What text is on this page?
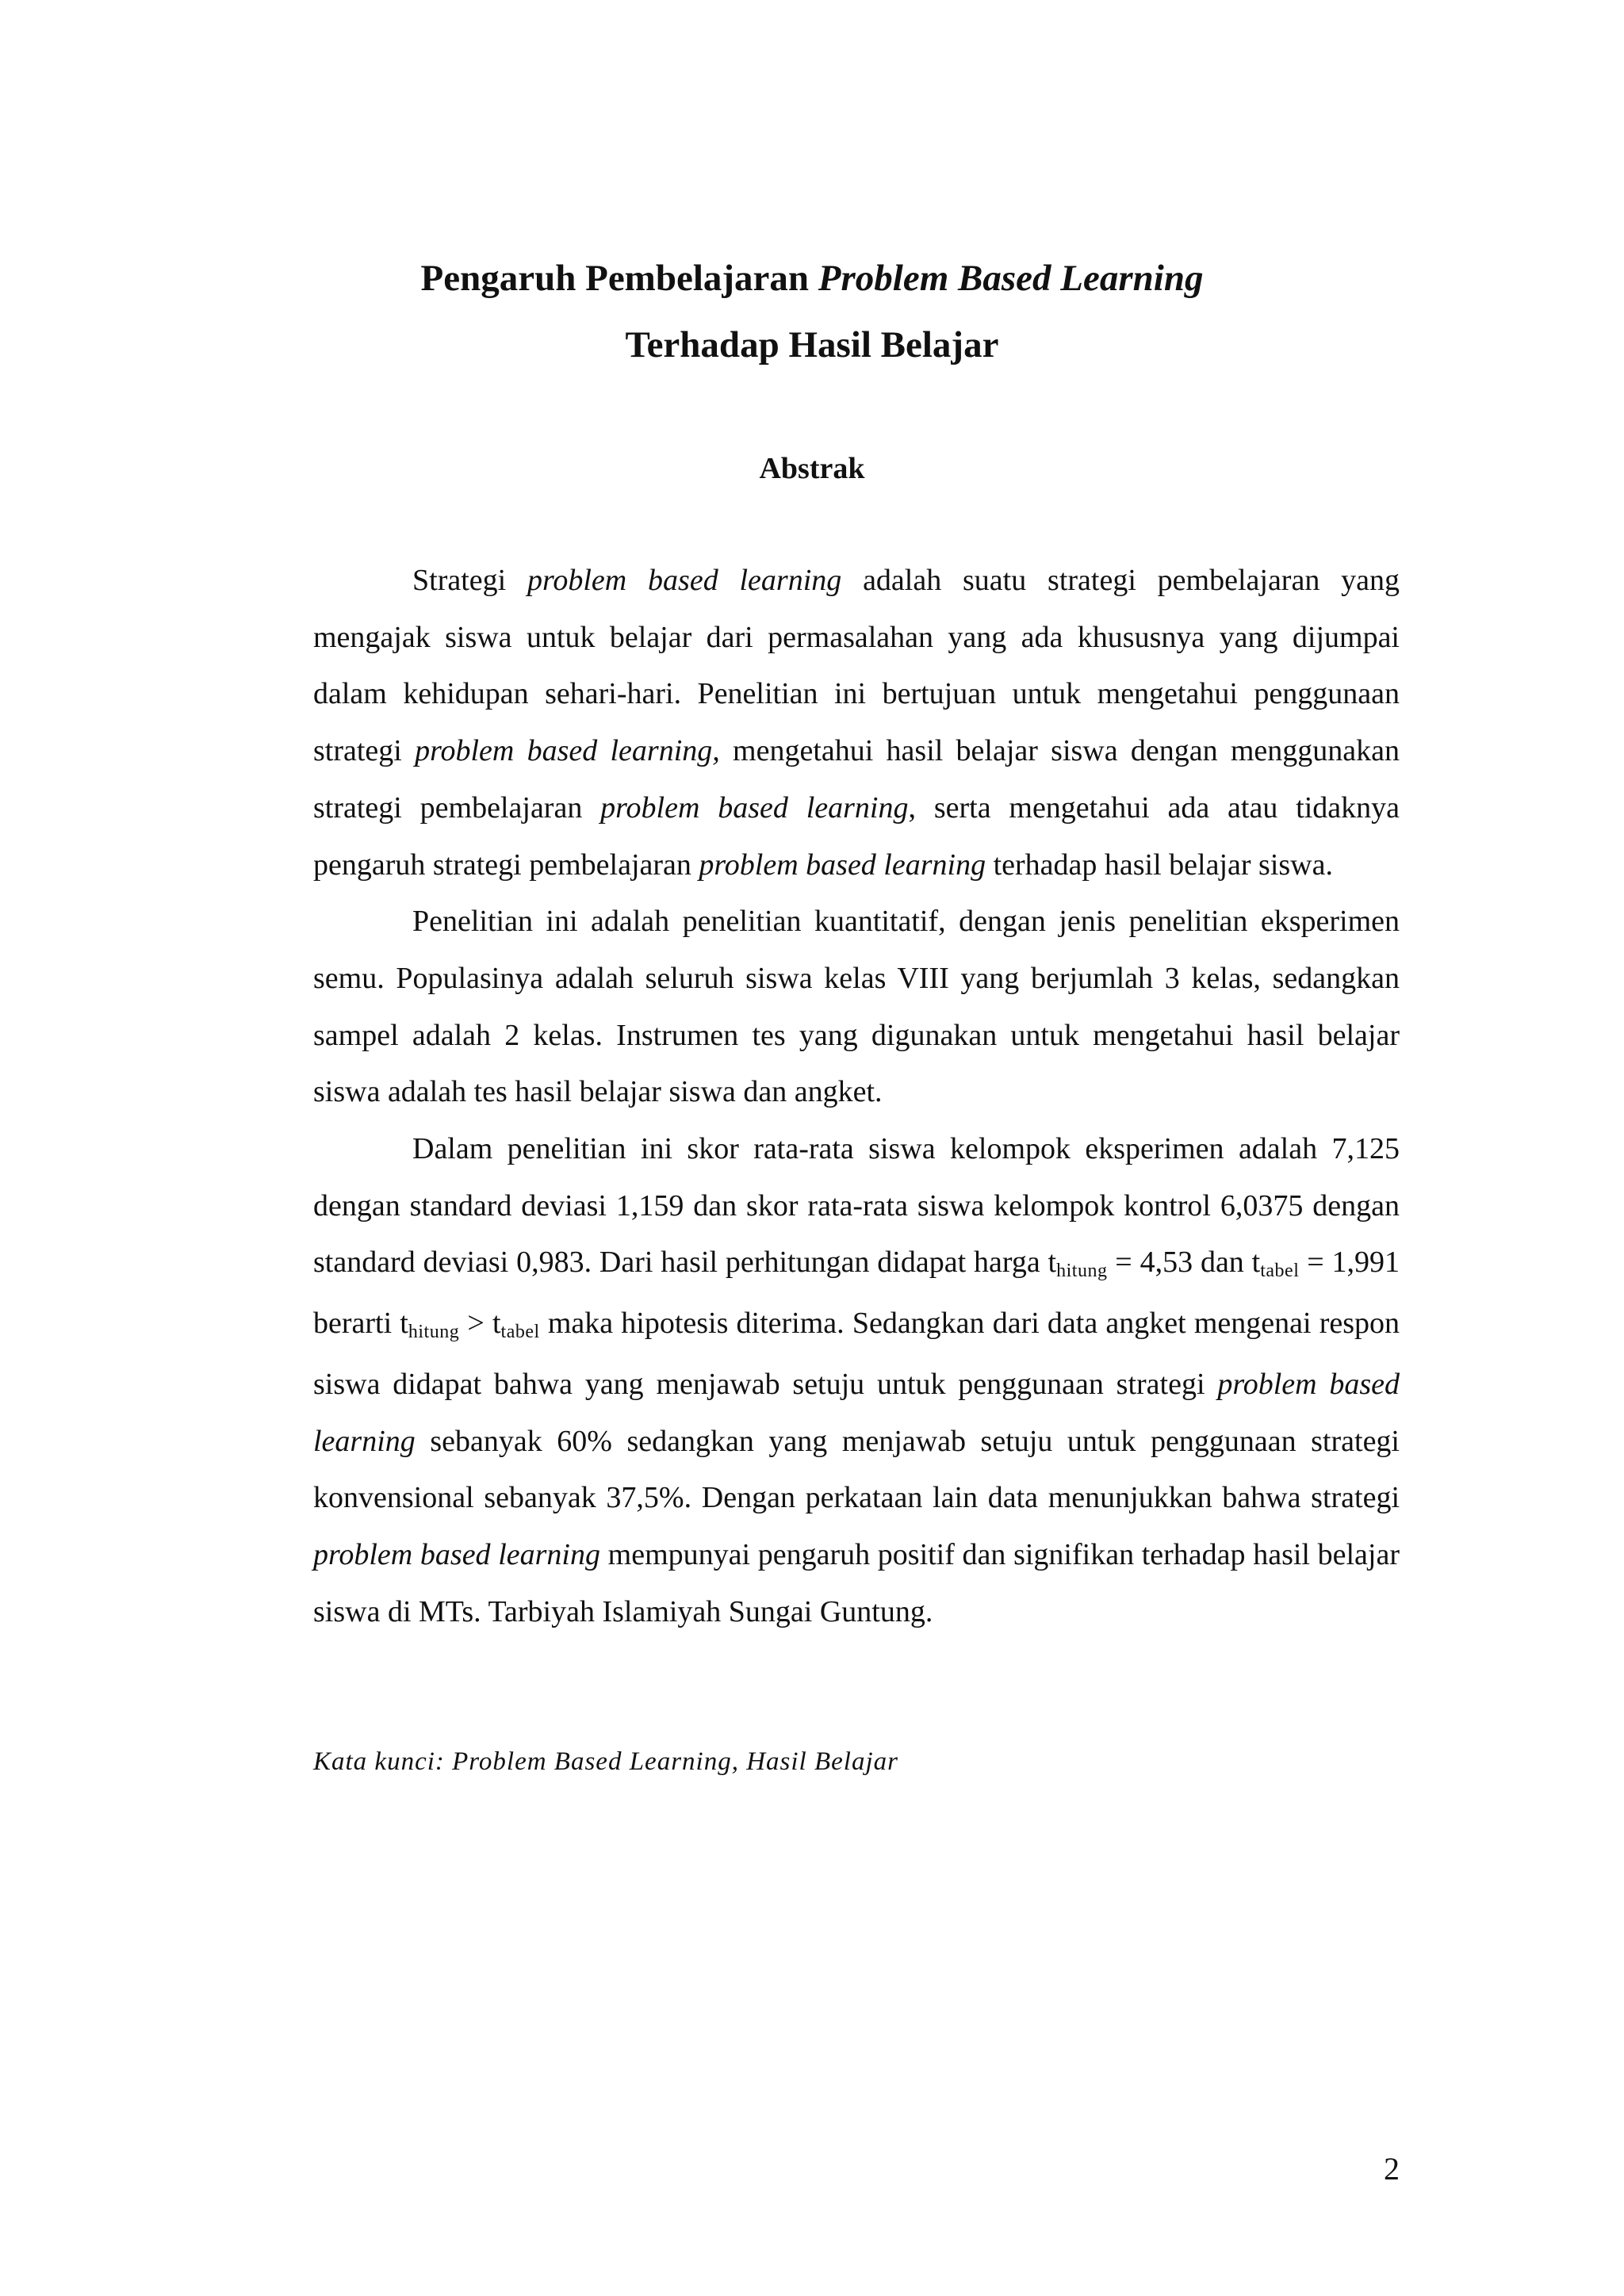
Pengaruh Pembelajaran Problem Based Learning
Terhadap Hasil Belajar
Abstrak

Strategi problem based learning adalah suatu strategi pembelajaran yang mengajak siswa untuk belajar dari permasalahan yang ada khususnya yang dijumpai dalam kehidupan sehari-hari. Penelitian ini bertujuan untuk mengetahui penggunaan strategi problem based learning, mengetahui hasil belajar siswa dengan menggunakan strategi pembelajaran problem based learning, serta mengetahui ada atau tidaknya pengaruh strategi pembelajaran problem based learning terhadap hasil belajar siswa.

Penelitian ini adalah penelitian kuantitatif, dengan jenis penelitian eksperimen semu. Populasinya adalah seluruh siswa kelas VIII yang berjumlah 3 kelas, sedangkan sampel adalah 2 kelas. Instrumen tes yang digunakan untuk mengetahui hasil belajar siswa adalah tes hasil belajar siswa dan angket.

Dalam penelitian ini skor rata-rata siswa kelompok eksperimen adalah 7,125 dengan standard deviasi 1,159 dan skor rata-rata siswa kelompok kontrol 6,0375 dengan standard deviasi 0,983. Dari hasil perhitungan didapat harga $t_{hitung} = 4,53$ dan $t_{tabel} = 1,991$ berarti $t_{hitung} > t_{tabel}$ maka hipotesis diterima. Sedangkan dari data angket mengenai respon siswa didapat bahwa yang menjawab setuju untuk penggunaan strategi problem based learning sebanyak 60% sedangkan yang menjawab setuju untuk penggunaan strategi konvensional sebanyak 37,5%. Dengan perkataan lain data menunjukkan bahwa strategi problem based learning mempunyai pengaruh positif dan signifikan terhadap hasil belajar siswa di MTs. Tarbiyah Islamiyah Sungai Guntung.

Kata kunci: Problem Based Learning, Hasil Belajar

2
